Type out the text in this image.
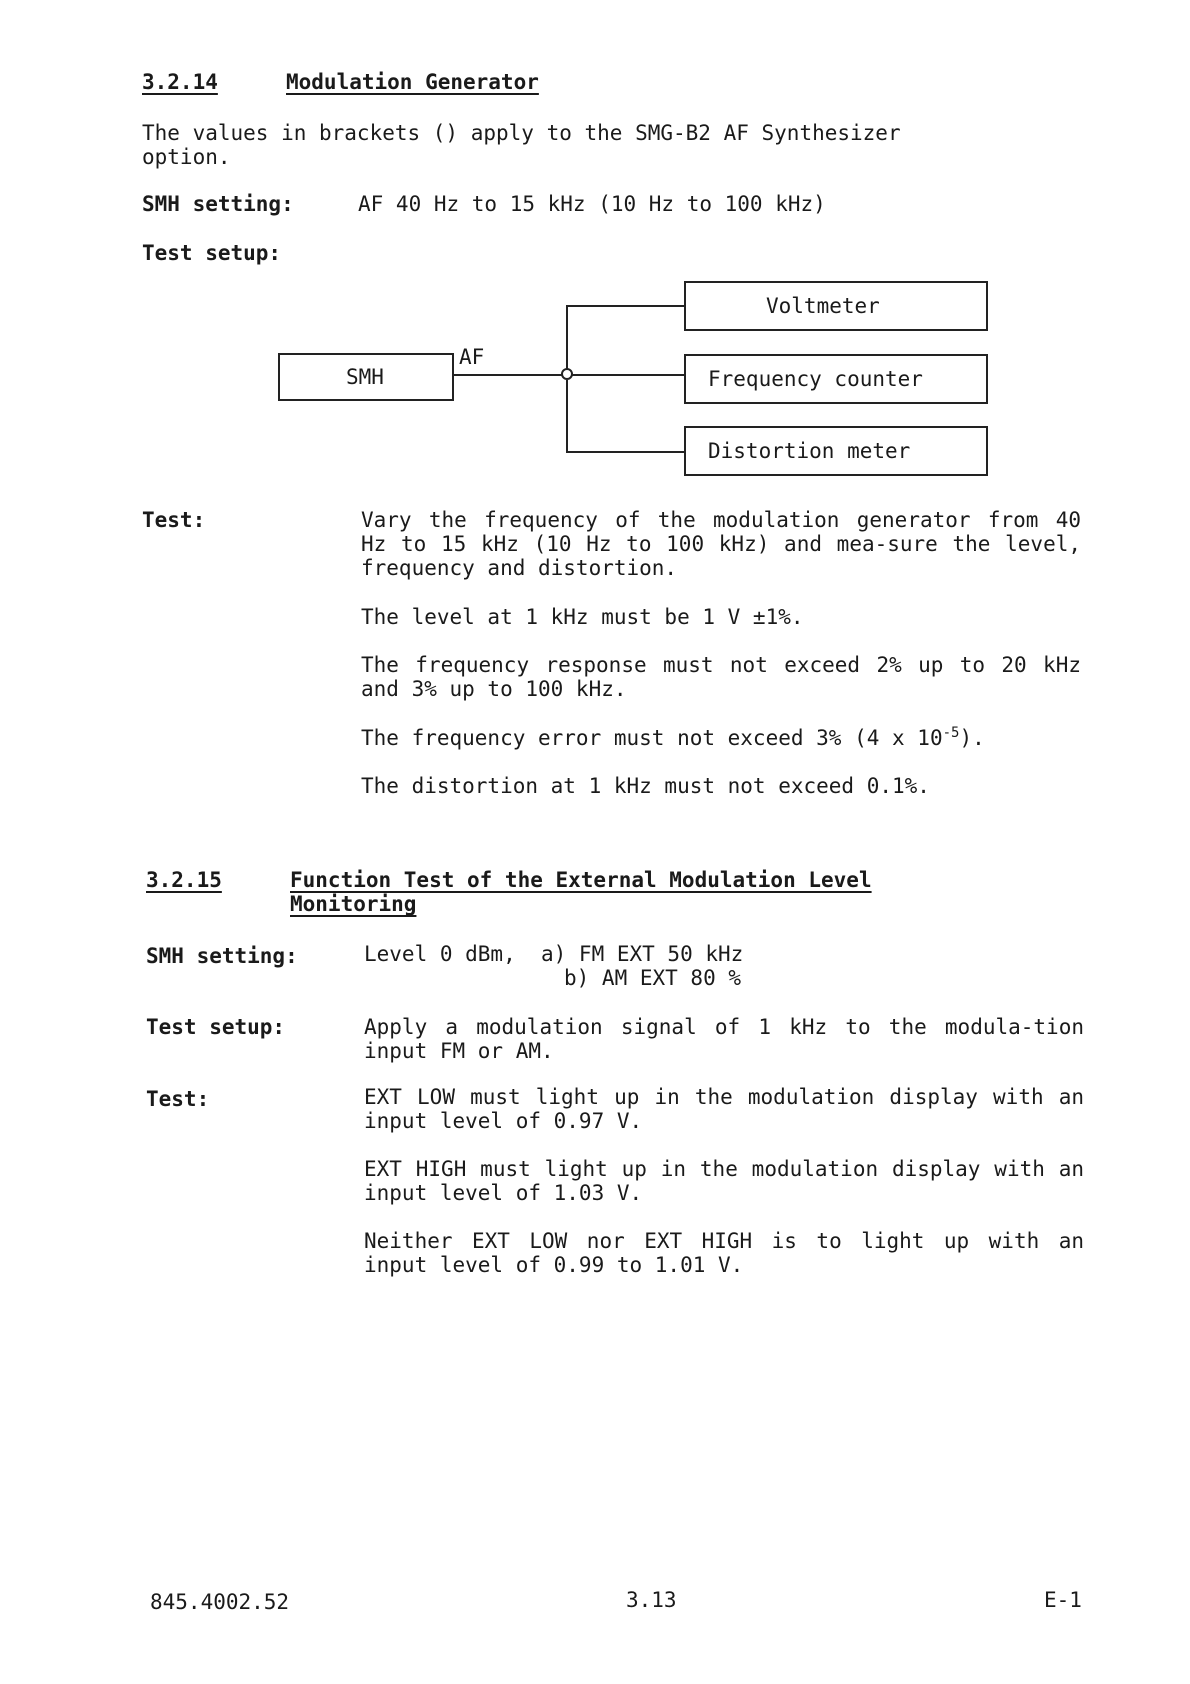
3.2.14	Modulation Generator
The values in brackets () apply to the SMG-B2 AF Synthesizer
option.
SMH setting:	AF 40 Hz to 15 kHz (10 Hz to 100 kHz)
Test setup:
SMH
AF
Voltmeter
Frequency counter
Distortion meter
Test:	Vary the frequency of the modulation generator from 40 Hz to 15 kHz (10 Hz to 100 kHz) and mea-sure the level, frequency and distortion.
The level at 1 kHz must be 1 V ±1%.
The frequency response must not exceed 2% up to 20 kHz and 3% up to 100 kHz.
The frequency error must not exceed 3% (4 x $10^{-5}$).
The distortion at 1 kHz must not exceed 0.1%.
3.2.15	Function Test of the External Modulation Level
Monitoring
SMH setting:	Level 0 dBm,  a) FM EXT 50 kHz
b) AM EXT 80 %
Test setup:	Apply a modulation signal of 1 kHz to the modula-tion input FM or AM.
Test:	EXT LOW must light up in the modulation display with an input level of 0.97 V.
EXT HIGH must light up in the modulation display with an input level of 1.03 V.
Neither EXT LOW nor EXT HIGH is to light up with an input level of 0.99 to 1.01 V.
845.4002.52	3.13	E-1
